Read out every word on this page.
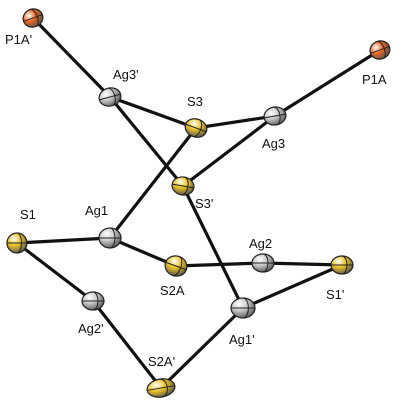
P1A'
P1A
Ag3'
S3
Ag3
S3'
S1	Ag1
Ag2
S2A	S1'
Ag2'
Ag1'
S2A'
